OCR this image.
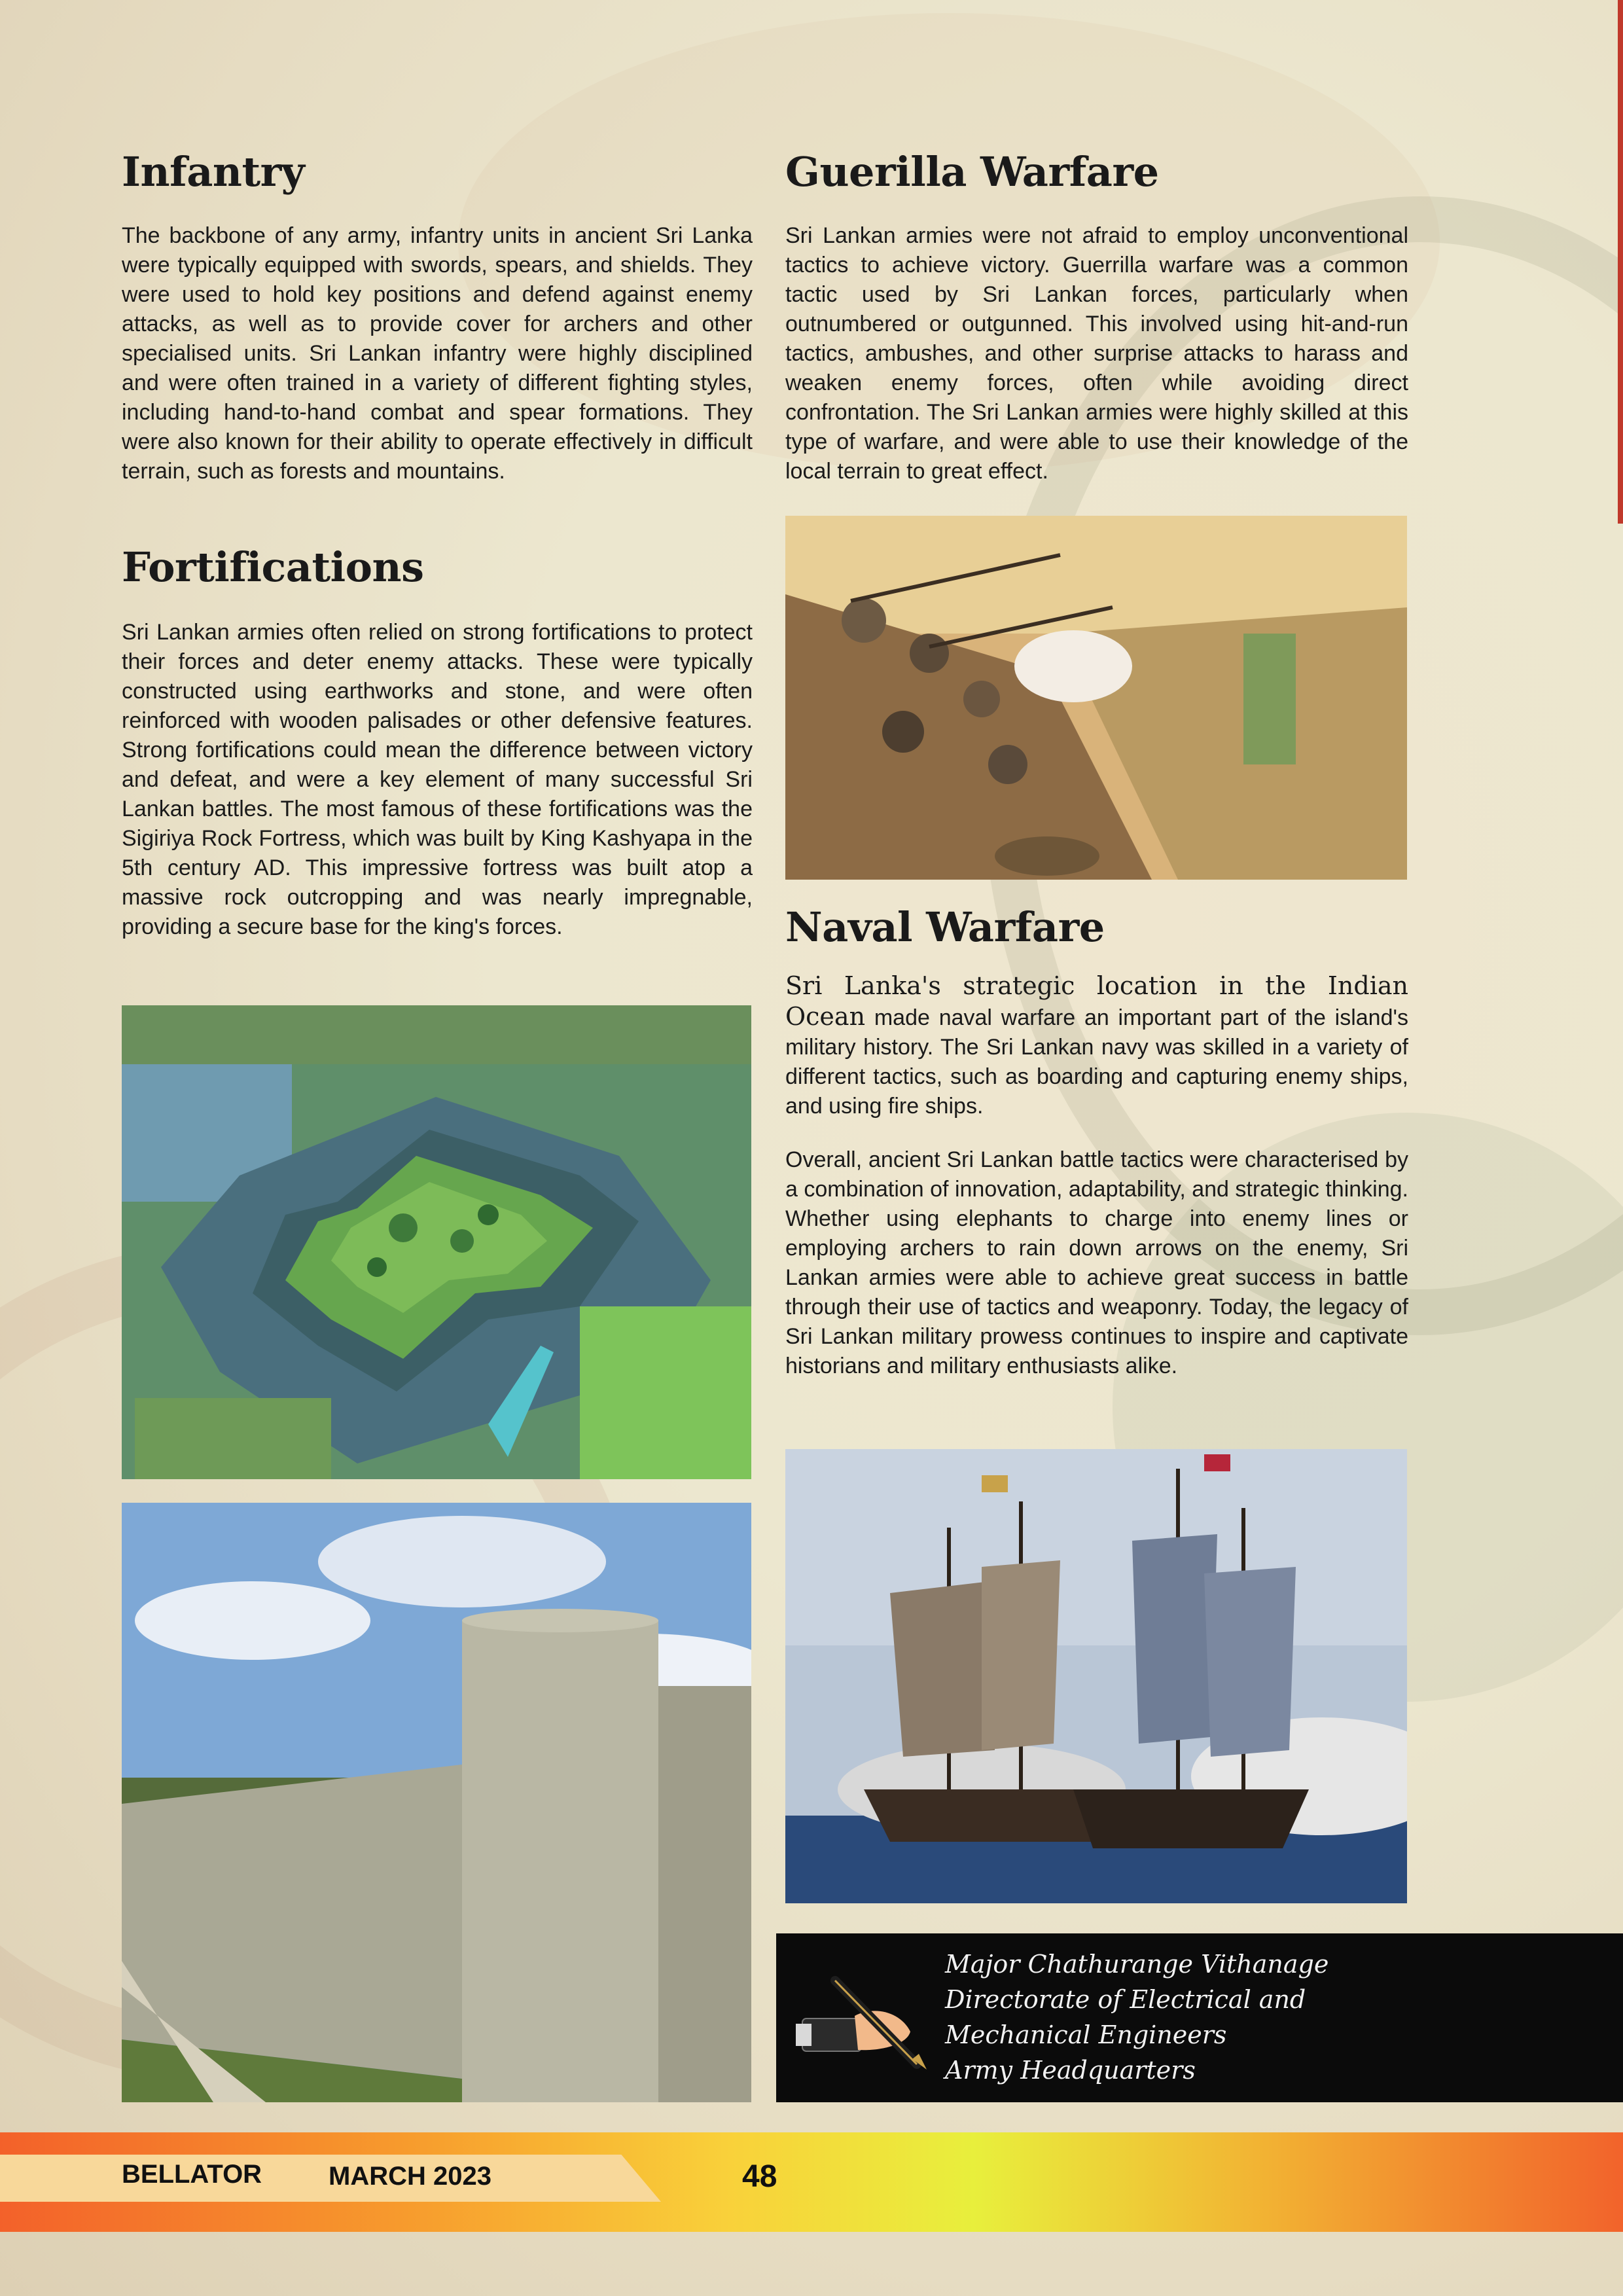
Infantry

The backbone of any army, infantry units in ancient Sri Lanka were typically equipped with swords, spears, and shields. They were used to hold key positions and defend against enemy attacks, as well as to provide cover for archers and other specialised units. Sri Lankan infantry were highly disciplined and were often trained in a variety of different fighting styles, including hand-to-hand combat and spear formations. They were also known for their ability to operate effectively in difficult terrain, such as forests and mountains.

Fortifications

Sri Lankan armies often relied on strong fortifications to protect their forces and deter enemy attacks. These were typically constructed using earthworks and stone, and were often reinforced with wooden palisades or other defensive features. Strong fortifications could mean the difference between victory and defeat, and were a key element of many successful Sri Lankan battles. The most famous of these fortifications was the Sigiriya Rock Fortress, which was built by King Kashyapa in the 5th century AD. This impressive fortress was built atop a massive rock outcropping and was nearly impregnable, providing a secure base for the king's forces.

Guerilla Warfare

Sri Lankan armies were not afraid to employ unconventional tactics to achieve victory. Guerrilla warfare was a common tactic used by Sri Lankan forces, particularly when outnumbered or outgunned. This involved using hit-and-run tactics, ambushes, and other surprise attacks to harass and weaken enemy forces, often while avoiding direct confrontation. The Sri Lankan armies were highly skilled at this type of warfare, and were able to use their knowledge of the local terrain to great effect.

Naval Warfare

Sri Lanka's strategic location in the Indian Ocean made naval warfare an important part of the island's military history. The Sri Lankan navy was skilled in a variety of different tactics, such as boarding and capturing enemy ships, and using fire ships.

Overall, ancient Sri Lankan battle tactics were characterised by a combination of innovation, adaptability, and strategic thinking. Whether using elephants to charge into enemy lines or employing archers to rain down arrows on the enemy, Sri Lankan armies were able to achieve great success in battle through their use of tactics and weaponry. Today, the legacy of Sri Lankan military prowess continues to inspire and captivate historians and military enthusiasts alike.

Major Chathurange Vithanage
Directorate of Electrical and
Mechanical Engineers
Army Headquarters
BELLATOR	MARCH 2023	48
